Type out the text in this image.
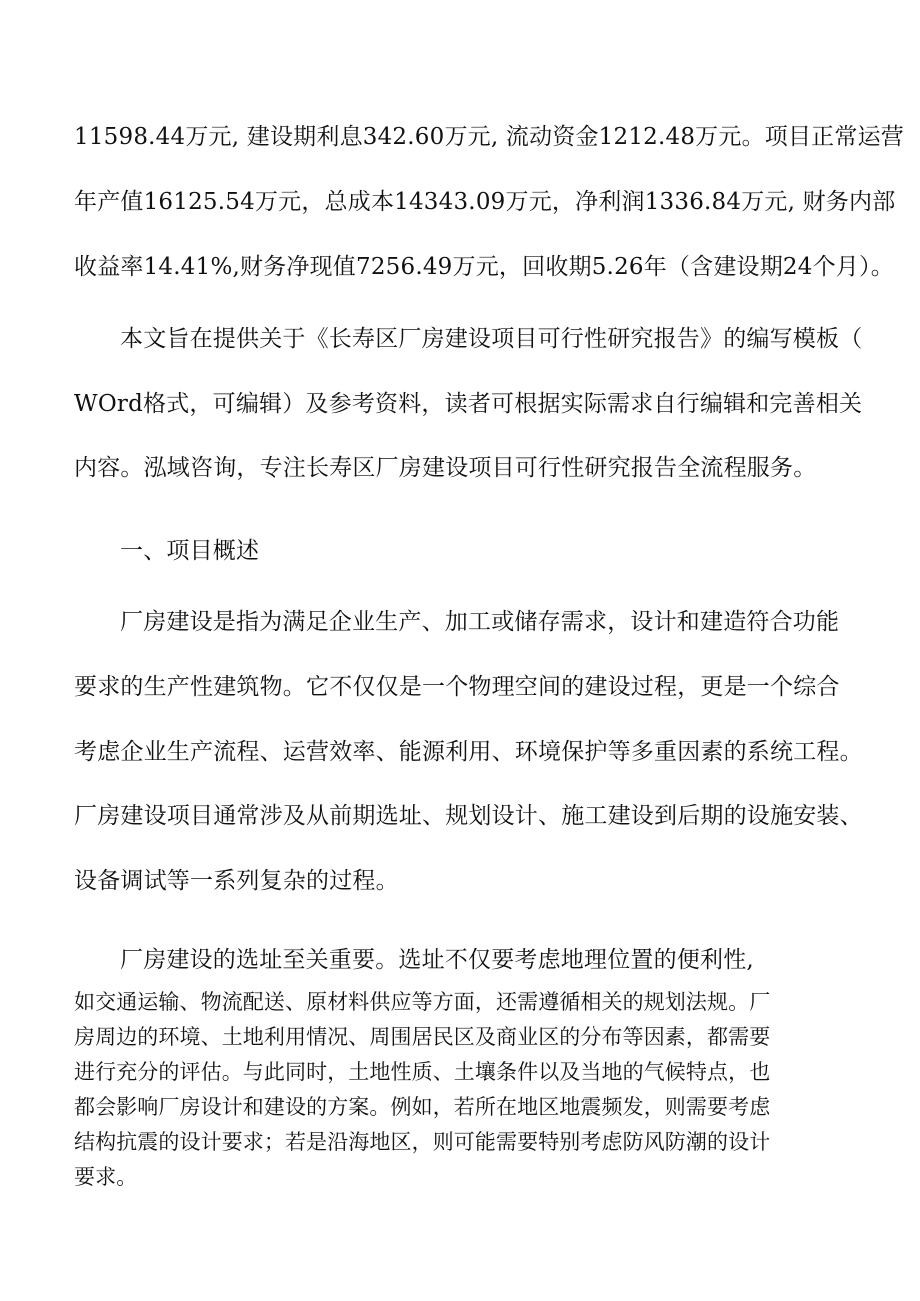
11598.44万元, 建设期利息342.60万元, 流动资金1212.48万元。项目正常运营
年产值16125.54万元，总成本14343.09万元，净利润1336.84万元, 财务内部
收益率14.41%,财务净现值7256.49万元，回收期5.26年（含建设期24个月）。
本文旨在提供关于《长寿区厂房建设项目可行性研究报告》的编写模板（
WOrd格式，可编辑）及参考资料，读者可根据实际需求自行编辑和完善相关
内容。泓域咨询，专注长寿区厂房建设项目可行性研究报告全流程服务。
一、项目概述
厂房建设是指为满足企业生产、加工或储存需求，设计和建造符合功能
要求的生产性建筑物。它不仅仅是一个物理空间的建设过程，更是一个综合
考虑企业生产流程、运营效率、能源利用、环境保护等多重因素的系统工程。
厂房建设项目通常涉及从前期选址、规划设计、施工建设到后期的设施安装、
设备调试等一系列复杂的过程。
厂房建设的选址至关重要。选址不仅要考虑地理位置的便利性,
如交通运输、物流配送、原材料供应等方面，还需遵循相关的规划法规。厂
房周边的环境、土地利用情况、周围居民区及商业区的分布等因素，都需要
进行充分的评估。与此同时，土地性质、土壤条件以及当地的气候特点，也
都会影响厂房设计和建设的方案。例如，若所在地区地震频发，则需要考虑
结构抗震的设计要求；若是沿海地区，则可能需要特别考虑防风防潮的设计
要求。
